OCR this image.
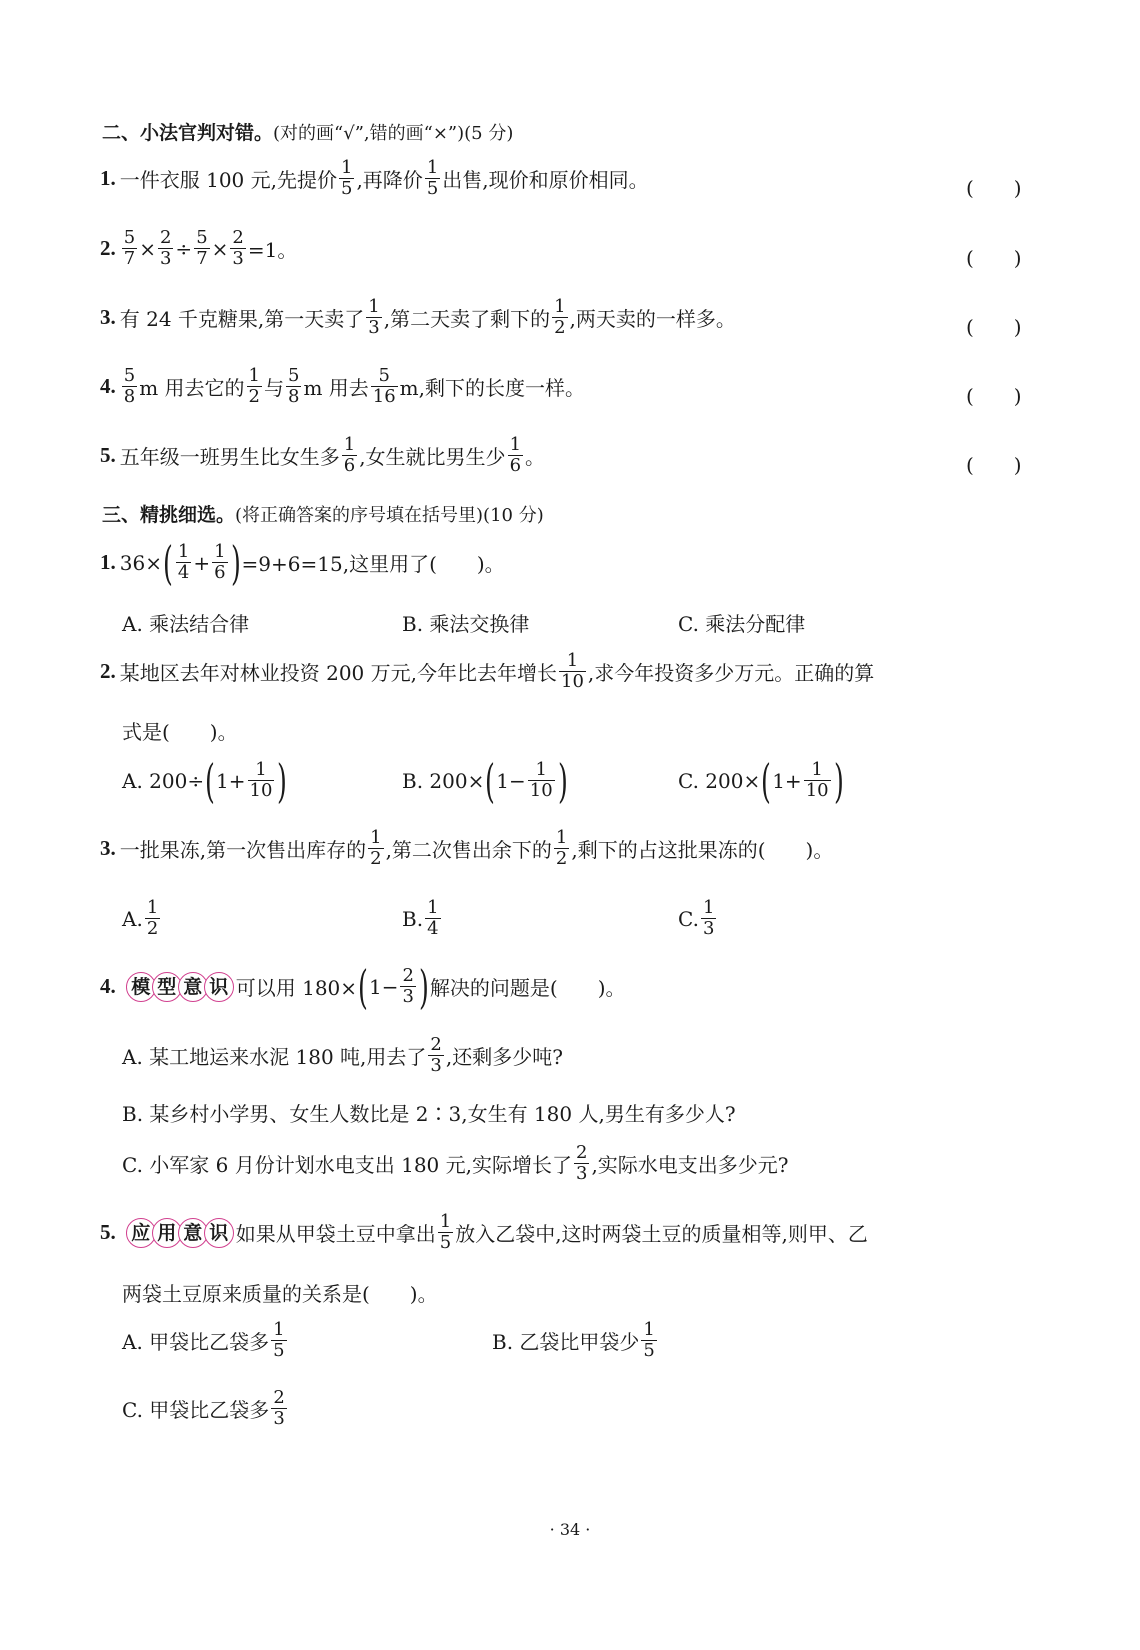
二、小法官判对错。 (对的画“√”,错的画“×”)(5 分)
1. 一件衣服 100 元,先提价 $\frac{1}{5}$ ,再降价 $\frac{1}{5}$ 出售,现价和原价相同。	(　　)
2. $\frac{5}{7} \times \frac{2}{3} \div \frac{5}{7} \times \frac{2}{3} =1$。	(　　)
3. 有 24 千克糖果,第一天卖了 $\frac{1}{3}$ ,第二天卖了剩下的 $\frac{1}{2}$ ,两天卖的一样多。	(　　)
4. $\frac{5}{8}$ m 用去它的 $\frac{1}{2}$ 与 $\frac{5}{8}$ m 用去 $\frac{5}{16} m$,剩下的长度一样。	(　　)
5. 五年级一班男生比女生多 $\frac{1}{6}$ ,女生就比男生少 $\frac{1}{6}$ 。	(　　)
三、精挑细选。 (将正确答案的序号填在括号里)(10 分)
1. 36× ( $\frac{1}{4} + \frac{1}{6}$ ) =9+6=15,这里用了(　　)。
A. 乘法结合律	B. 乘法交换律	C. 乘法分配律
2. 某地区去年对林业投资 200 万元,今年比去年增长 $\frac{1}{10}$ ,求今年投资多少万元。正确的算
式是(　　)。
A. 200÷ ( $1+ \frac{1}{10}$ )	B. 200× ( $1- \frac{1}{10}$ )	C. 200× ( $1+ \frac{1}{10}$ )
3. 一批果冻,第一次售出库存的 $\frac{1}{2}$ ,第二次售出余下的 $\frac{1}{2}$ ,剩下的占这批果冻的(　　)。
A. $\frac{1}{2}$	B. $\frac{1}{4}$	C. $\frac{1}{3}$
4. 模 型 意 识 可以用 180× ( $1- \frac{2}{3}$ ) 解决的问题是(　　)。
A. 某工地运来水泥 180 吨,用去了 $\frac{2}{3}$ ,还剩多少吨?
B. 某乡村小学男、女生人数比是 2∶3,女生有 180 人,男生有多少人?
C. 小军家 6 月份计划水电支出 180 元,实际增长了 $\frac{2}{3}$ ,实际水电支出多少元?
5. 应 用 意 识 如果从甲袋土豆中拿出 $\frac{1}{5}$ 放入乙袋中,这时两袋土豆的质量相等,则甲、乙
两袋土豆原来质量的关系是(　　)。
A. 甲袋比乙袋多 $\frac{1}{5}$	B. 乙袋比甲袋少 $\frac{1}{5}$
C. 甲袋比乙袋多 $\frac{2}{3}$
· 34 ·
